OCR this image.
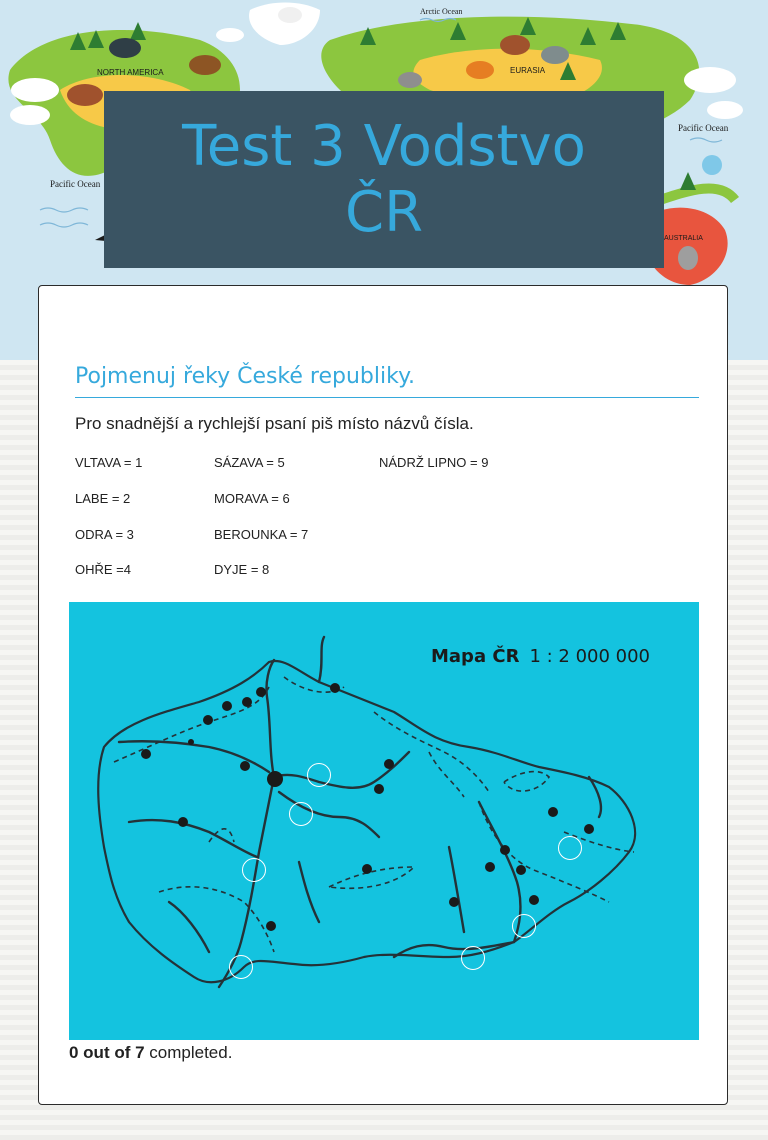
NORTH AMERICA
Arctic Ocean
EURASIA
Pacific Ocean
Pacific Ocean
AUSTRALIA
Test 3 Vodstvo ČR
Pojmenuj řeky České republiky.
Pro snadnější a rychlejší psaní piš místo názvů čísla.
VLTAVA = 1
LABE = 2
ODRA = 3
OHŘE =4
SÁZAVA = 5
MORAVA = 6
BEROUNKA = 7
DYJE = 8
NÁDRŽ LIPNO = 9
Mapa ČR 1 : 2 000 000
0 out of 7 completed.
